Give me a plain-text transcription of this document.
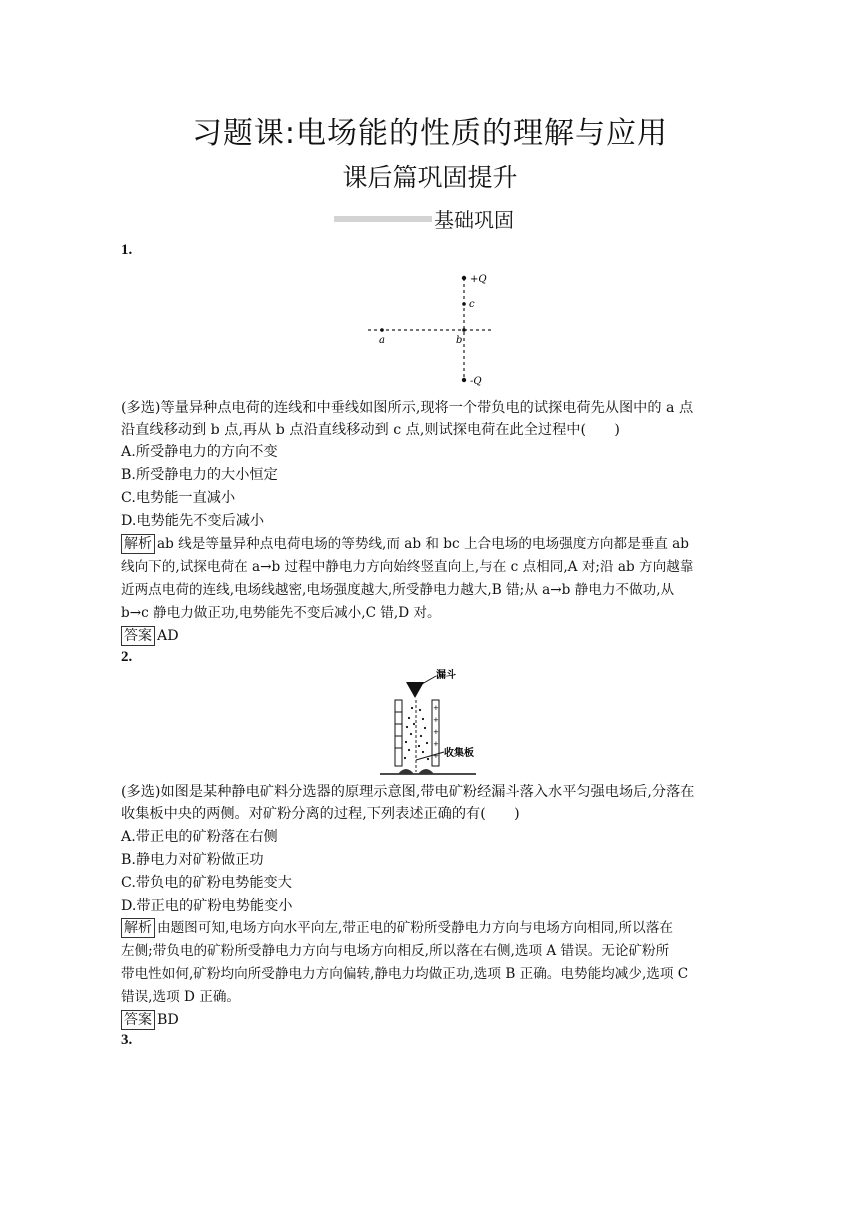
习题课:电场能的性质的理解与应用
课后篇巩固提升
基础巩固
1.
+Q
-Q
c
b
a
(多选)等量异种点电荷的连线和中垂线如图所示,现将一个带负电的试探电荷先从图中的 a 点
沿直线移动到 b 点,再从 b 点沿直线移动到 c 点,则试探电荷在此全过程中(　　)
A.所受静电力的方向不变
B.所受静电力的大小恒定
C.电势能一直减小
D.电势能先不变后减小
解析 ab 线是等量异种点电荷电场的等势线,而 ab 和 bc 上合电场的电场强度方向都是垂直 ab
线向下的,试探电荷在 a→b 过程中静电力方向始终竖直向上,与在 c 点相同,A 对;沿 ab 方向越靠
近两点电荷的连线,电场线越密,电场强度越大,所受静电力越大,B 错;从 a→b 静电力不做功,从
b→c 静电力做正功,电势能先不变后减小,C 错,D 对。
答案 AD
2.
漏斗
+
+
+
+
+ 收集板
(多选)如图是某种静电矿料分选器的原理示意图,带电矿粉经漏斗落入水平匀强电场后,分落在
收集板中央的两侧。对矿粉分离的过程,下列表述正确的有(　　)
A.带正电的矿粉落在右侧
B.静电力对矿粉做正功
C.带负电的矿粉电势能变大
D.带正电的矿粉电势能变小
解析 由题图可知,电场方向水平向左,带正电的矿粉所受静电力方向与电场方向相同,所以落在
左侧;带负电的矿粉所受静电力方向与电场方向相反,所以落在右侧,选项 A 错误。无论矿粉所
带电性如何,矿粉均向所受静电力方向偏转,静电力均做正功,选项 B 正确。电势能均减少,选项 C
错误,选项 D 正确。
答案 BD
3.
